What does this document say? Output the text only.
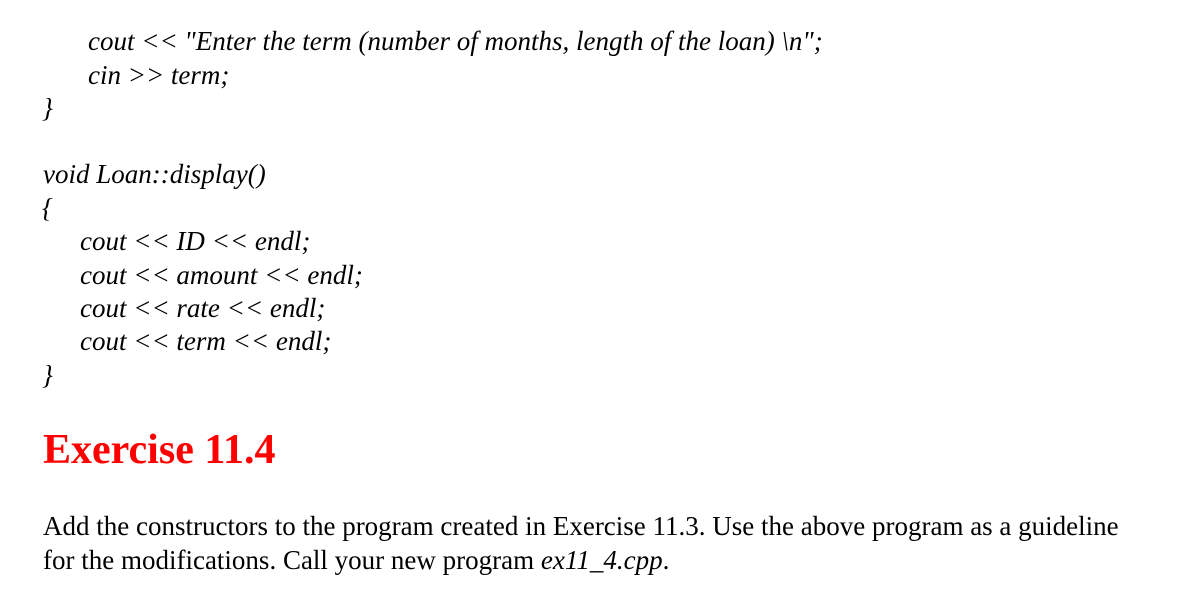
cout << "Enter the term (number of months, length of the loan) \n";
cin >> term;
}
void Loan::display()
{
cout << ID << endl;
cout << amount << endl;
cout << rate << endl;
cout << term << endl;
}
Exercise 11.4
Add the constructors to the program created in Exercise 11.3. Use the above program as a guideline
for the modifications. Call your new program ex11_4.cpp.
